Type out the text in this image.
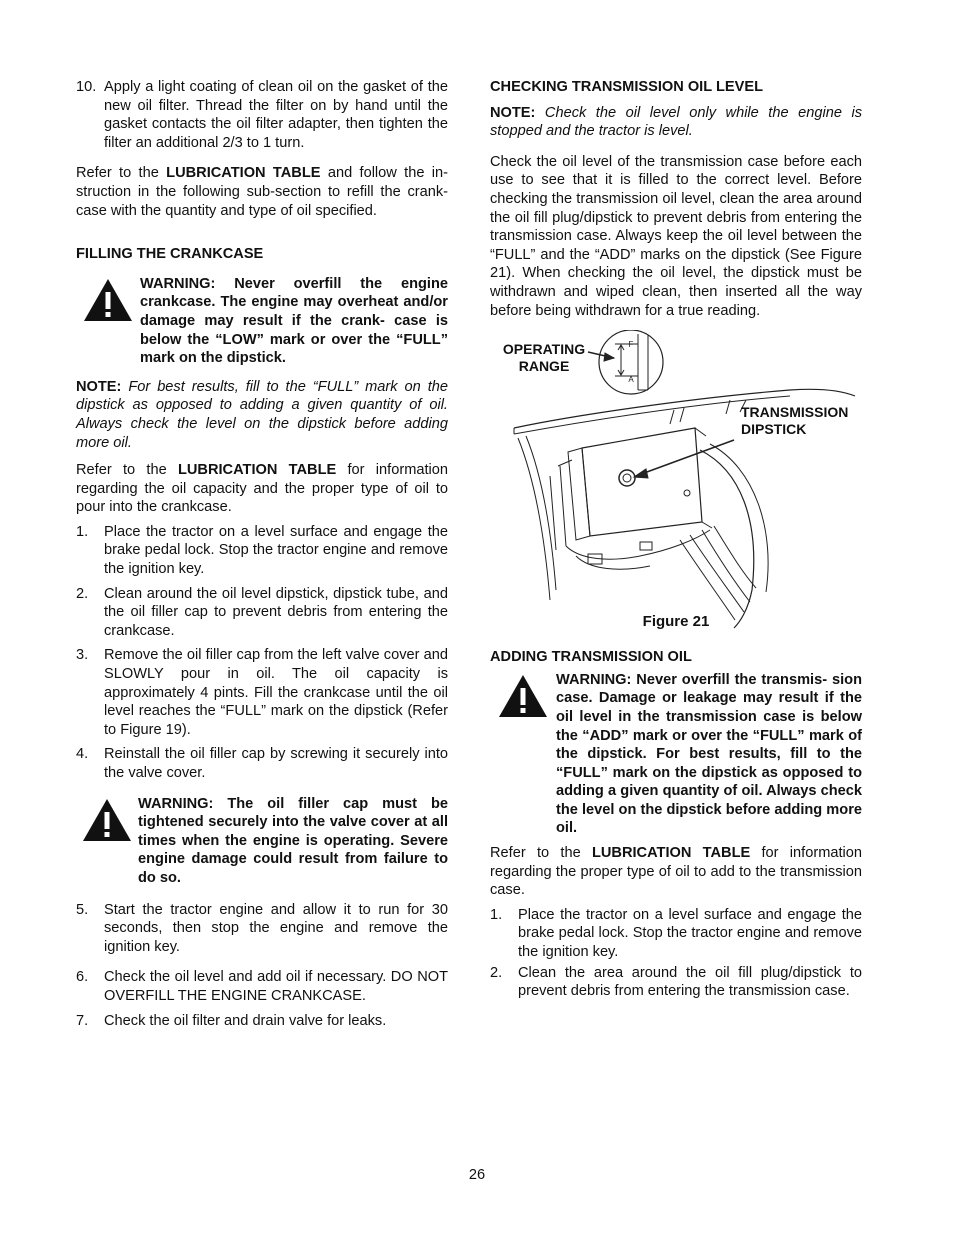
10. Apply a light coating of clean oil on the gasket of the new oil filter. Thread the filter on by hand until the gasket contacts the oil filter adapter, then tighten the filter an additional 2/3 to 1 turn.

Refer to the LUBRICATION TABLE and follow the in- struction in the following sub-section to refill the crank- case with the quantity and type of oil specified.

FILLING THE CRANKCASE

WARNING: Never overfill the engine crankcase. The engine may overheat and/or damage may result if the crank- case is below the “LOW” mark or over the “FULL” mark on the dipstick.

NOTE: For best results, fill to the “FULL” mark on the dipstick as opposed to adding a given quantity of oil. Always check the level on the dipstick before adding more oil.

Refer to the LUBRICATION TABLE for information regarding the oil capacity and the proper type of oil to pour into the crankcase.

1.	Place the tractor on a level surface and engage the brake pedal lock. Stop the tractor engine and remove the ignition key.
2.	Clean around the oil level dipstick, dipstick tube, and the oil filler cap to prevent debris from entering the crankcase.
3.	Remove the oil filler cap from the left valve cover and SLOWLY pour in oil. The oil capacity is approximately 4 pints. Fill the crankcase until the oil level reaches the “FULL” mark on the dipstick (Refer to Figure 19).
4.	Reinstall the oil filler cap by screwing it securely into the valve cover.
WARNING: The oil filler cap must be tightened securely into the valve cover at all times when the engine is operating. Severe engine damage could result from failure to do so.
5.	Start the tractor engine and allow it to run for 30 seconds, then stop the engine and remove the ignition key.
6.	Check the oil level and add oil if necessary. DO NOT OVERFILL THE ENGINE CRANKCASE.
7.	Check the oil filter and drain valve for leaks.

CHECKING TRANSMISSION OIL LEVEL

NOTE: Check the oil level only while the engine is stopped and the tractor is level.

Check the oil level of the transmission case before each use to see that it is filled to the correct level. Before checking the transmission oil level, clean the area around the oil fill plug/dipstick to prevent debris from entering the transmission case. Always keep the oil level between the “FULL” and the “ADD” marks on the dipstick (See Figure 21). When checking the oil level, the dipstick must be withdrawn and wiped clean, then inserted all the way before being withdrawn for a true reading.

F
A
OPERATING
RANGE
TRANSMISSION
DIPSTICK
Figure 21

ADDING TRANSMISSION OIL

WARNING: Never overfill the transmis- sion case. Damage or leakage may result if the oil level in the transmission case is below the “ADD” mark or over the “FULL” mark of the dipstick. For best results, fill to the “FULL” mark on the dipstick as opposed to adding a given quantity of oil. Always check the level on the dipstick before adding more oil.

Refer to the LUBRICATION TABLE for information regarding the proper type of oil to add to the transmission case.

1.	Place the tractor on a level surface and engage the brake pedal lock. Stop the tractor engine and remove the ignition key.
2.	Clean the area around the oil fill plug/dipstick to prevent debris from entering the transmission case.
26
